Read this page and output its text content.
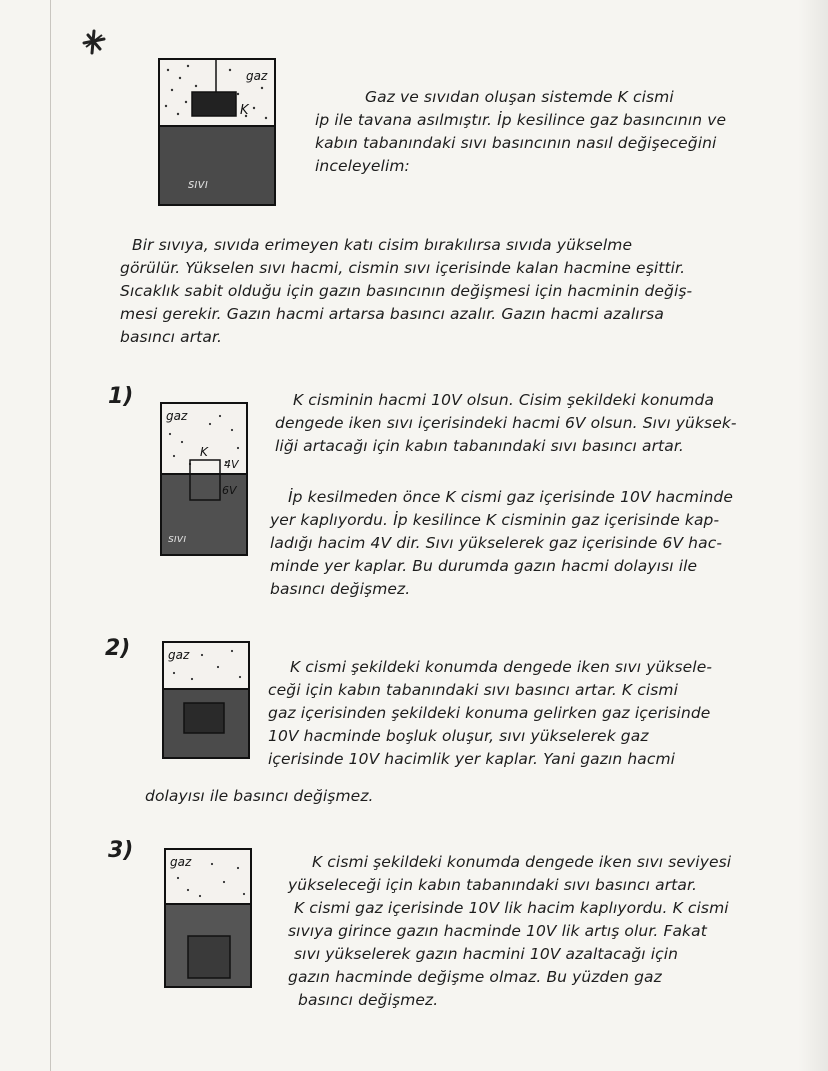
K
gaz
sıvı

Gaz ve sıvıdan oluşan sistemde K cismi
ip ile tavana asılmıştır. İp kesilince gaz basıncının ve
kabın tabanındaki sıvı basıncının nasıl değişeceğini
inceleyelim:

Bir sıvıya, sıvıda erimeyen katı cisim bırakılırsa sıvıda yükselme
görülür. Yükselen sıvı hacmi, cismin sıvı içerisinde kalan hacmine eşittir.
Sıcaklık sabit olduğu için gazın basıncının değişmesi için hacminin değiş-
mesi gerekir. Gazın hacmi artarsa basıncı azalır. Gazın hacmi azalırsa
basıncı artar.

1)
gaz
K
4V
6V
sıvı

K cisminin hacmi 10V olsun. Cisim şekildeki konumda
dengede iken sıvı içerisindeki hacmi 6V olsun. Sıvı yüksek-
liği artacağı için kabın tabanındaki sıvı basıncı artar.

İp kesilmeden önce K cismi gaz içerisinde 10V hacminde
yer kaplıyordu. İp kesilince K cisminin gaz içerisinde kap-
ladığı hacim 4V dir. Sıvı yükselerek gaz içerisinde 6V hac-
minde yer kaplar. Bu durumda gazın hacmi dolayısı ile
basıncı değişmez.

2)	gaz

K cismi şekildeki konumda dengede iken sıvı yüksele-
ceği için kabın tabanındaki sıvı basıncı artar. K cismi
gaz içerisinden şekildeki konuma gelirken gaz içerisinde
10V hacminde boşluk oluşur, sıvı yükselerek gaz
içerisinde 10V hacimlik yer kaplar. Yani gazın hacmi

dolayısı ile basıncı değişmez.

3)	gaz	K cismi şekildeki konumda dengede iken sıvı seviyesi
yükseleceği için kabın tabanındaki sıvı basıncı artar.
K cismi gaz içerisinde 10V lik hacim kaplıyordu. K cismi
sıvıya girince gazın hacminde 10V lik artış olur. Fakat
sıvı yükselerek gazın hacmini 10V azaltacağı için
gazın hacminde değişme olmaz. Bu yüzden gaz
basıncı değişmez.
